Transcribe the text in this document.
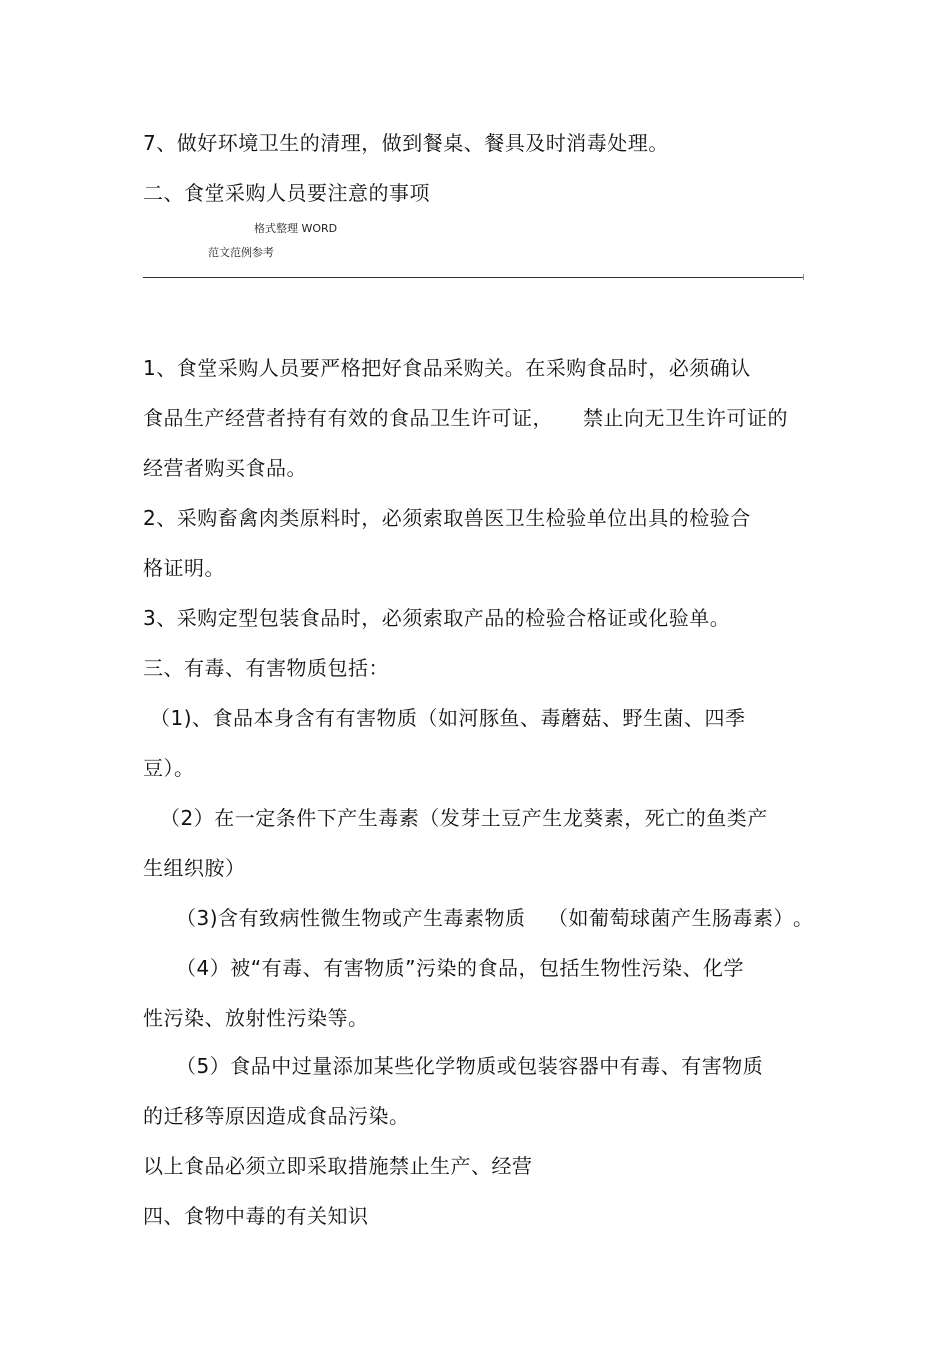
7、做好环境卫生的清理，做到餐桌、餐具及时消毒处理。
二、食堂采购人员要注意的事项
格式整理 WORD
范文范例参考
1、食堂采购人员要严格把好食品采购关。在采购食品时，必须确认
食品生产经营者持有有效的食品卫生许可证， 禁止向无卫生许可证的
经营者购买食品。
2、采购畜禽肉类原料时，必须索取兽医卫生检验单位出具的检验合
格证明。
3、采购定型包装食品时，必须索取产品的检验合格证或化验单。
三、有毒、有害物质包括：
（1)、食品本身含有有害物质（如河豚鱼、毒蘑菇、野生菌、四季
豆）。
（2）在一定条件下产生毒素（发芽土豆产生龙葵素，死亡的鱼类产
生组织胺）
（3)含有致病性微生物或产生毒素物质 （如葡萄球菌产生肠毒素） 。
（4）被“有毒、有害物质”污染的食品，包括生物性污染、化学
性污染、放射性污染等。
（5）食品中过量添加某些化学物质或包装容器中有毒、有害物质
的迁移等原因造成食品污染。
以上食品必须立即采取措施禁止生产、经营
四、食物中毒的有关知识
